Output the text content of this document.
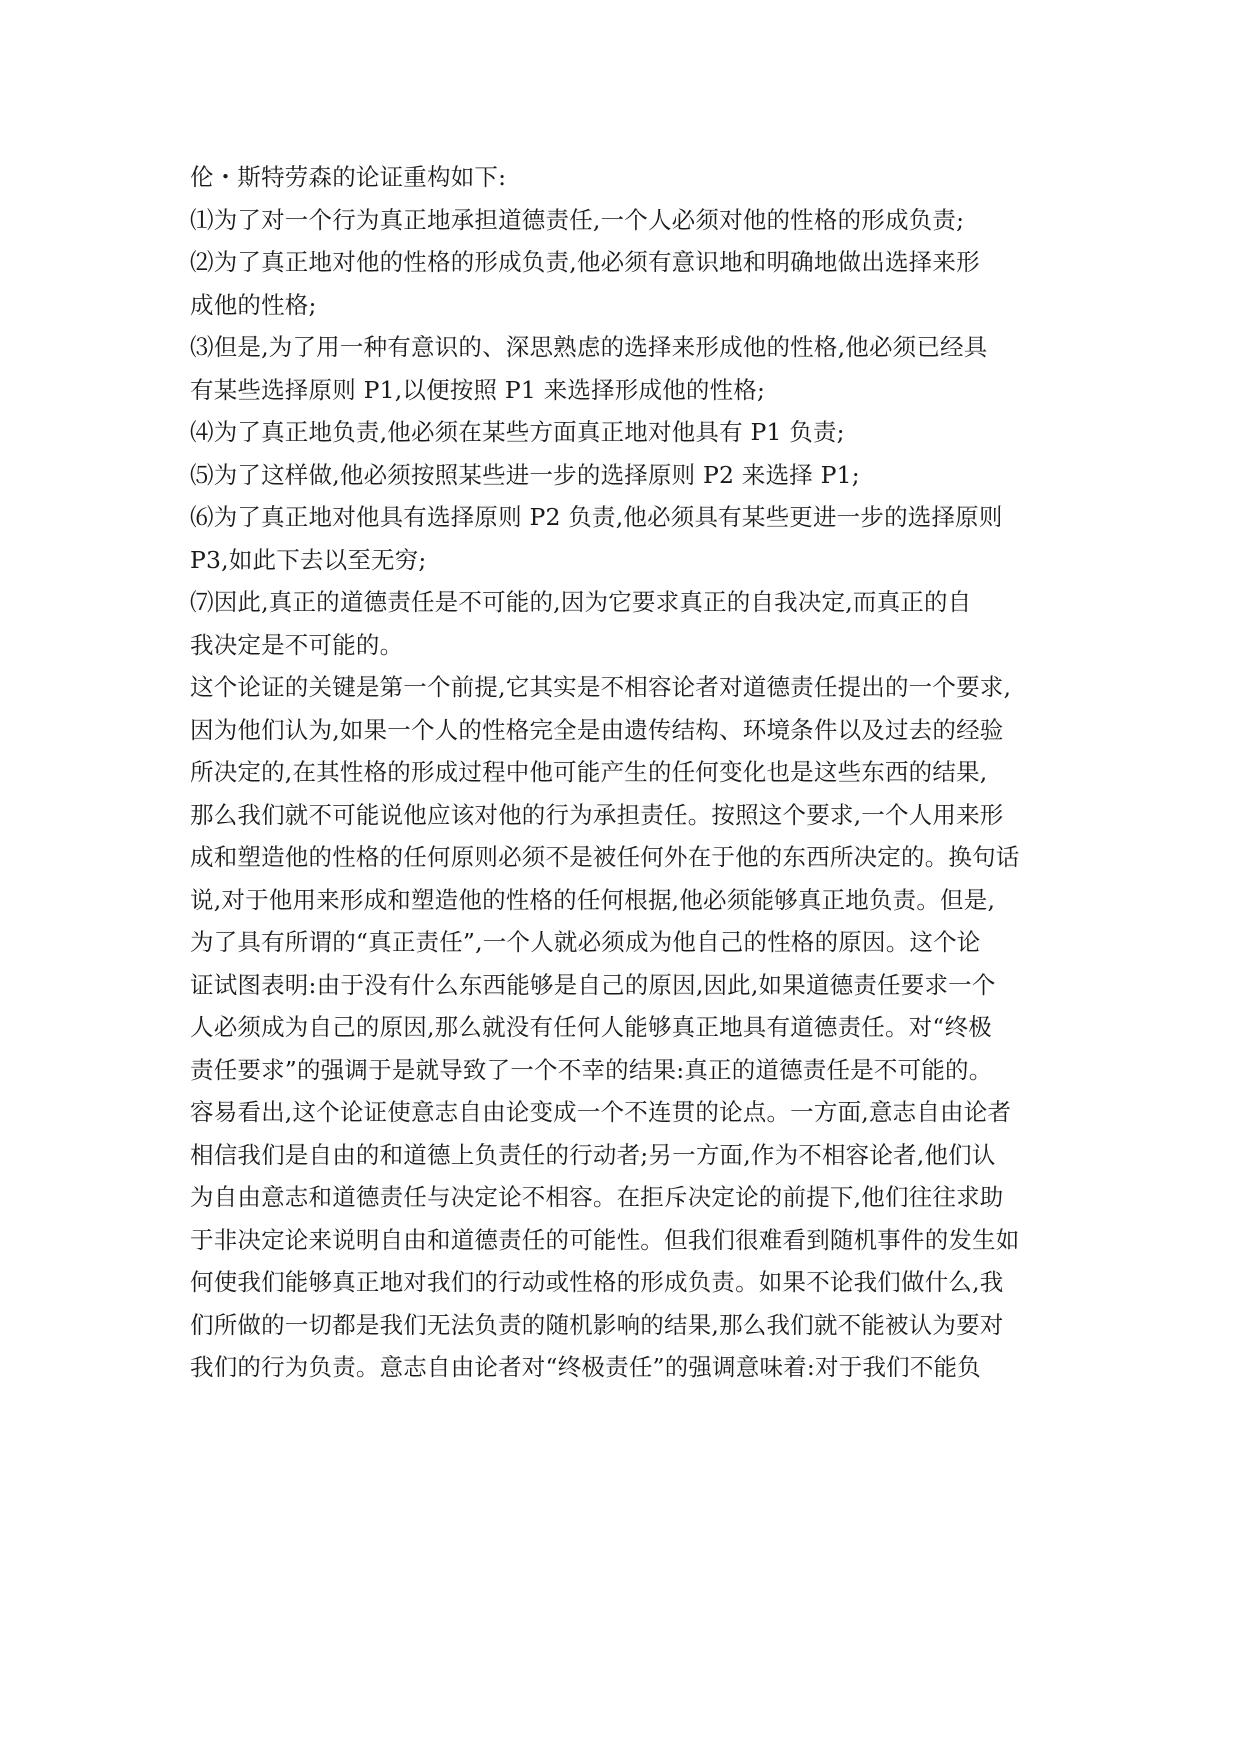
伦・斯特劳森的论证重构如下:
⑴为了对一个行为真正地承担道德责任,一个人必须对他的性格的形成负责;
⑵为了真正地对他的性格的形成负责,他必须有意识地和明确地做出选择来形
成他的性格;
⑶但是,为了用一种有意识的、深思熟虑的选择来形成他的性格,他必须已经具
有某些选择原则 P1,以便按照 P1 来选择形成他的性格;
⑷为了真正地负责,他必须在某些方面真正地对他具有 P1 负责;
⑸为了这样做,他必须按照某些进一步的选择原则 P2 来选择 P1;
⑹为了真正地对他具有选择原则 P2 负责,他必须具有某些更进一步的选择原则
P3,如此下去以至无穷;
⑺因此,真正的道德责任是不可能的,因为它要求真正的自我决定,而真正的自
我决定是不可能的。
这个论证的关键是第一个前提,它其实是不相容论者对道德责任提出的一个要求,
因为他们认为,如果一个人的性格完全是由遗传结构、环境条件以及过去的经验
所决定的,在其性格的形成过程中他可能产生的任何变化也是这些东西的结果,
那么我们就不可能说他应该对他的行为承担责任。按照这个要求,一个人用来形
成和塑造他的性格的任何原则必须不是被任何外在于他的东西所决定的。换句话
说,对于他用来形成和塑造他的性格的任何根据,他必须能够真正地负责。但是,
为了具有所谓的“真正责任”,一个人就必须成为他自己的性格的原因。这个论
证试图表明:由于没有什么东西能够是自己的原因,因此,如果道德责任要求一个
人必须成为自己的原因,那么就没有任何人能够真正地具有道德责任。对“终极
责任要求”的强调于是就导致了一个不幸的结果:真正的道德责任是不可能的。
容易看出,这个论证使意志自由论变成一个不连贯的论点。一方面,意志自由论者
相信我们是自由的和道德上负责任的行动者;另一方面,作为不相容论者,他们认
为自由意志和道德责任与决定论不相容。在拒斥决定论的前提下,他们往往求助
于非决定论来说明自由和道德责任的可能性。但我们很难看到随机事件的发生如
何使我们能够真正地对我们的行动或性格的形成负责。如果不论我们做什么,我
们所做的一切都是我们无法负责的随机影响的结果,那么我们就不能被认为要对
我们的行为负责。意志自由论者对“终极责任”的强调意味着:对于我们不能负
